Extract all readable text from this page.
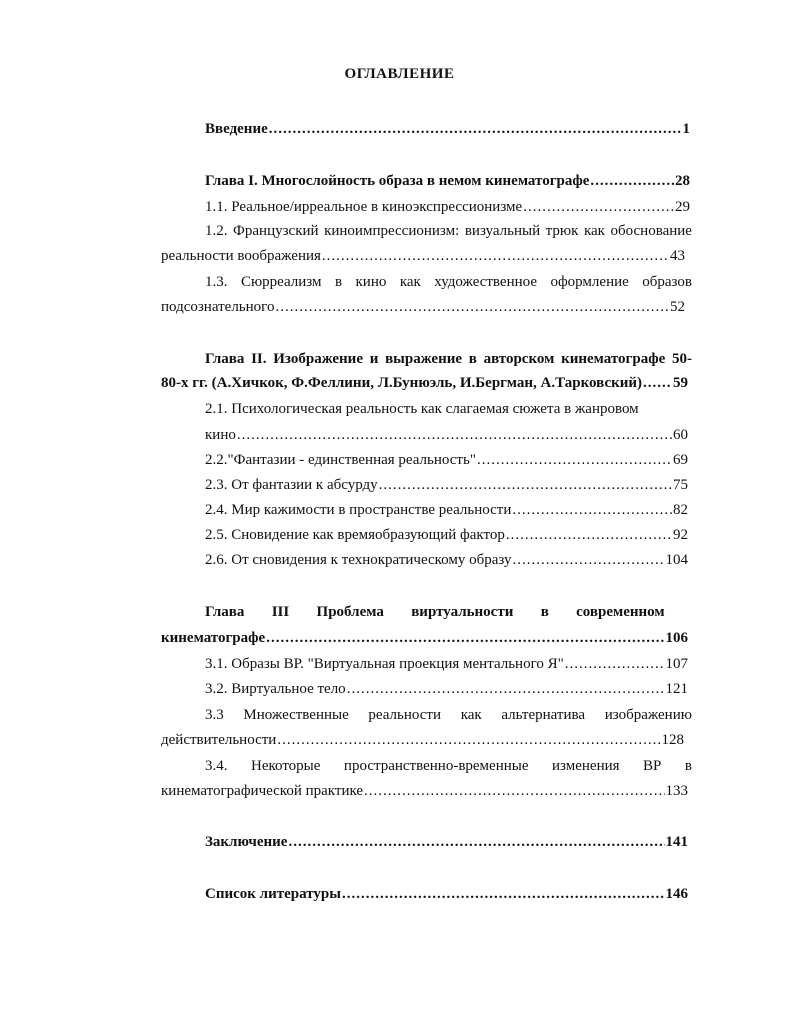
ОГЛАВЛЕНИЕ
Введение .....	1
Глава I. Многослойность образа в немом кинематографе .....	28
1.1. Реальное/ирреальное в киноэкспрессионизме .....	29
1.2. Французский киноимпрессионизм: визуальный трюк как обоснование
реальности воображения .....	43
1.3. Сюрреализм в кино как художественное оформление образов
подсознательного .....	52
Глава II. Изображение и выражение в авторском кинематографе 50-
80-х гг. (А.Хичкок, Ф.Феллини, Л.Бунюэль, И.Бергман, А.Тарковский) ..... 59
2.1. Психологическая реальность как слагаемая сюжета в жанровом
кино .....	60
2.2."Фантазии - единственная реальность" .....	69
2.3. От фантазии к абсурду .....	75
2.4. Мир кажимости в пространстве реальности .....	82
2.5. Сновидение как времяобразующий фактор .....	92
2.6. От сновидения к технократическому образу .....	104
Глава III Проблема виртуальности в современном
кинематографе .....	106
3.1. Образы ВР. "Виртуальная проекция ментального Я" .....	107
3.2. Виртуальное тело .....	121
3.3 Множественные реальности как альтернатива изображению
действительности .....	128
3.4. Некоторые пространственно-временные изменения ВР в
кинематографической практике .....	133
Заключение .....	141
Список литературы .....	146
